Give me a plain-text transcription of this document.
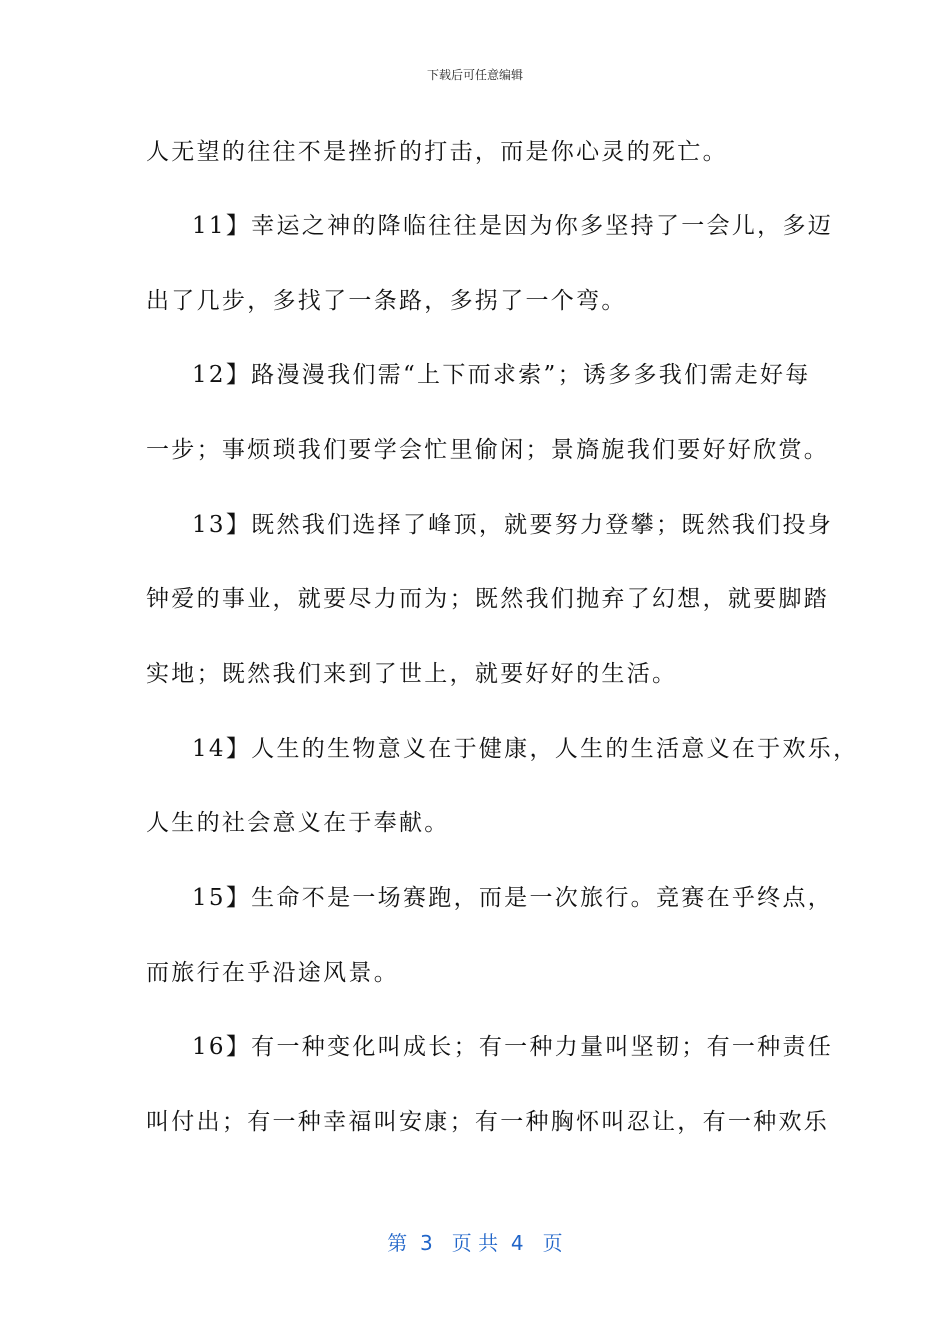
下载后可任意编辑
人无望的往往不是挫折的打击，而是你心灵的死亡。
11】幸运之神的降临往往是因为你多坚持了一会儿，多迈
出了几步，多找了一条路，多拐了一个弯。
12】路漫漫我们需“上下而求索”；诱多多我们需走好每
一步；事烦琐我们要学会忙里偷闲；景旖旎我们要好好欣赏。
13】既然我们选择了峰顶，就要努力登攀；既然我们投身
钟爱的事业，就要尽力而为；既然我们抛弃了幻想，就要脚踏
实地；既然我们来到了世上，就要好好的生活。
14】人生的生物意义在于健康，人生的生活意义在于欢乐，
人生的社会意义在于奉献。
15】生命不是一场赛跑，而是一次旅行。竞赛在乎终点，
而旅行在乎沿途风景。
16】有一种变化叫成长；有一种力量叫坚韧；有一种责任
叫付出；有一种幸福叫安康；有一种胸怀叫忍让，有一种欢乐
第  3   页 共  4   页
